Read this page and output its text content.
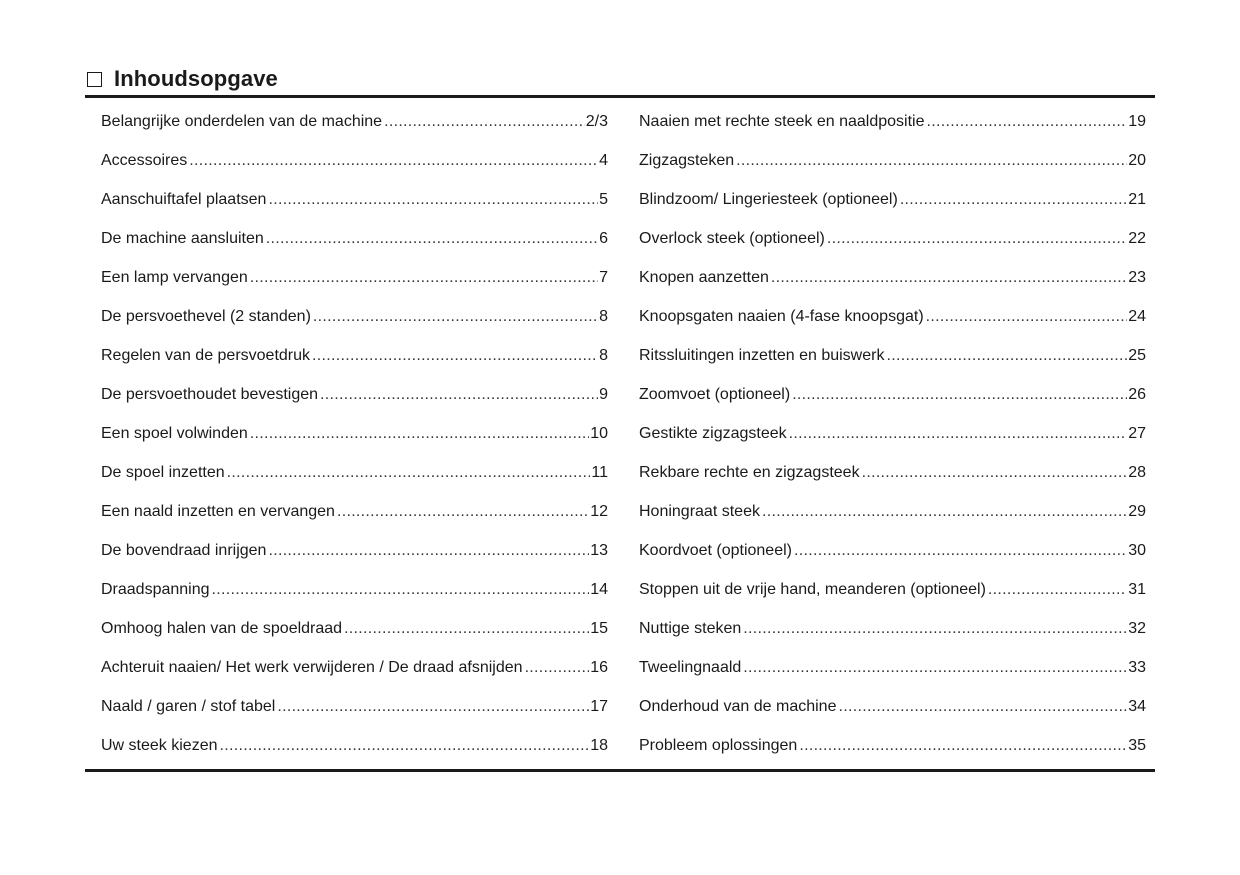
Inhoudsopgave
Belangrijke onderdelen van de machine .....	2/3
Accessoires .....	4
Aanschuiftafel plaatsen .....	5
De machine aansluiten .....	6
Een lamp vervangen .....	7
De persvoethevel (2 standen) .....	8
Regelen van de persvoetdruk .....	8
De persvoethoudet bevestigen .....	9
Een spoel volwinden .....	10
De spoel inzetten .....	11
Een naald inzetten en vervangen .....	12
De bovendraad inrijgen .....	13
Draadspanning .....	14
Omhoog halen van de spoeldraad .....	15
Achteruit naaien/ Het werk verwijderen / De draad afsnijden .....	16
Naald / garen / stof tabel .....	17
Uw steek kiezen .....	18
Naaien met rechte steek en naaldpositie .....	19
Zigzagsteken .....	20
Blindzoom/ Lingeriesteek (optioneel) .....	21
Overlock steek (optioneel) .....	22
Knopen aanzetten .....	23
Knoopsgaten naaien (4-fase knoopsgat) .....	24
Ritssluitingen inzetten en buiswerk .....	25
Zoomvoet (optioneel) .....	26
Gestikte zigzagsteek .....	27
Rekbare rechte en zigzagsteek .....	28
Honingraat steek .....	29
Koordvoet (optioneel) .....	30
Stoppen uit de vrije hand, meanderen (optioneel) .....	31
Nuttige steken .....	32
Tweelingnaald .....	33
Onderhoud van de machine .....	34
Probleem oplossingen .....	35
